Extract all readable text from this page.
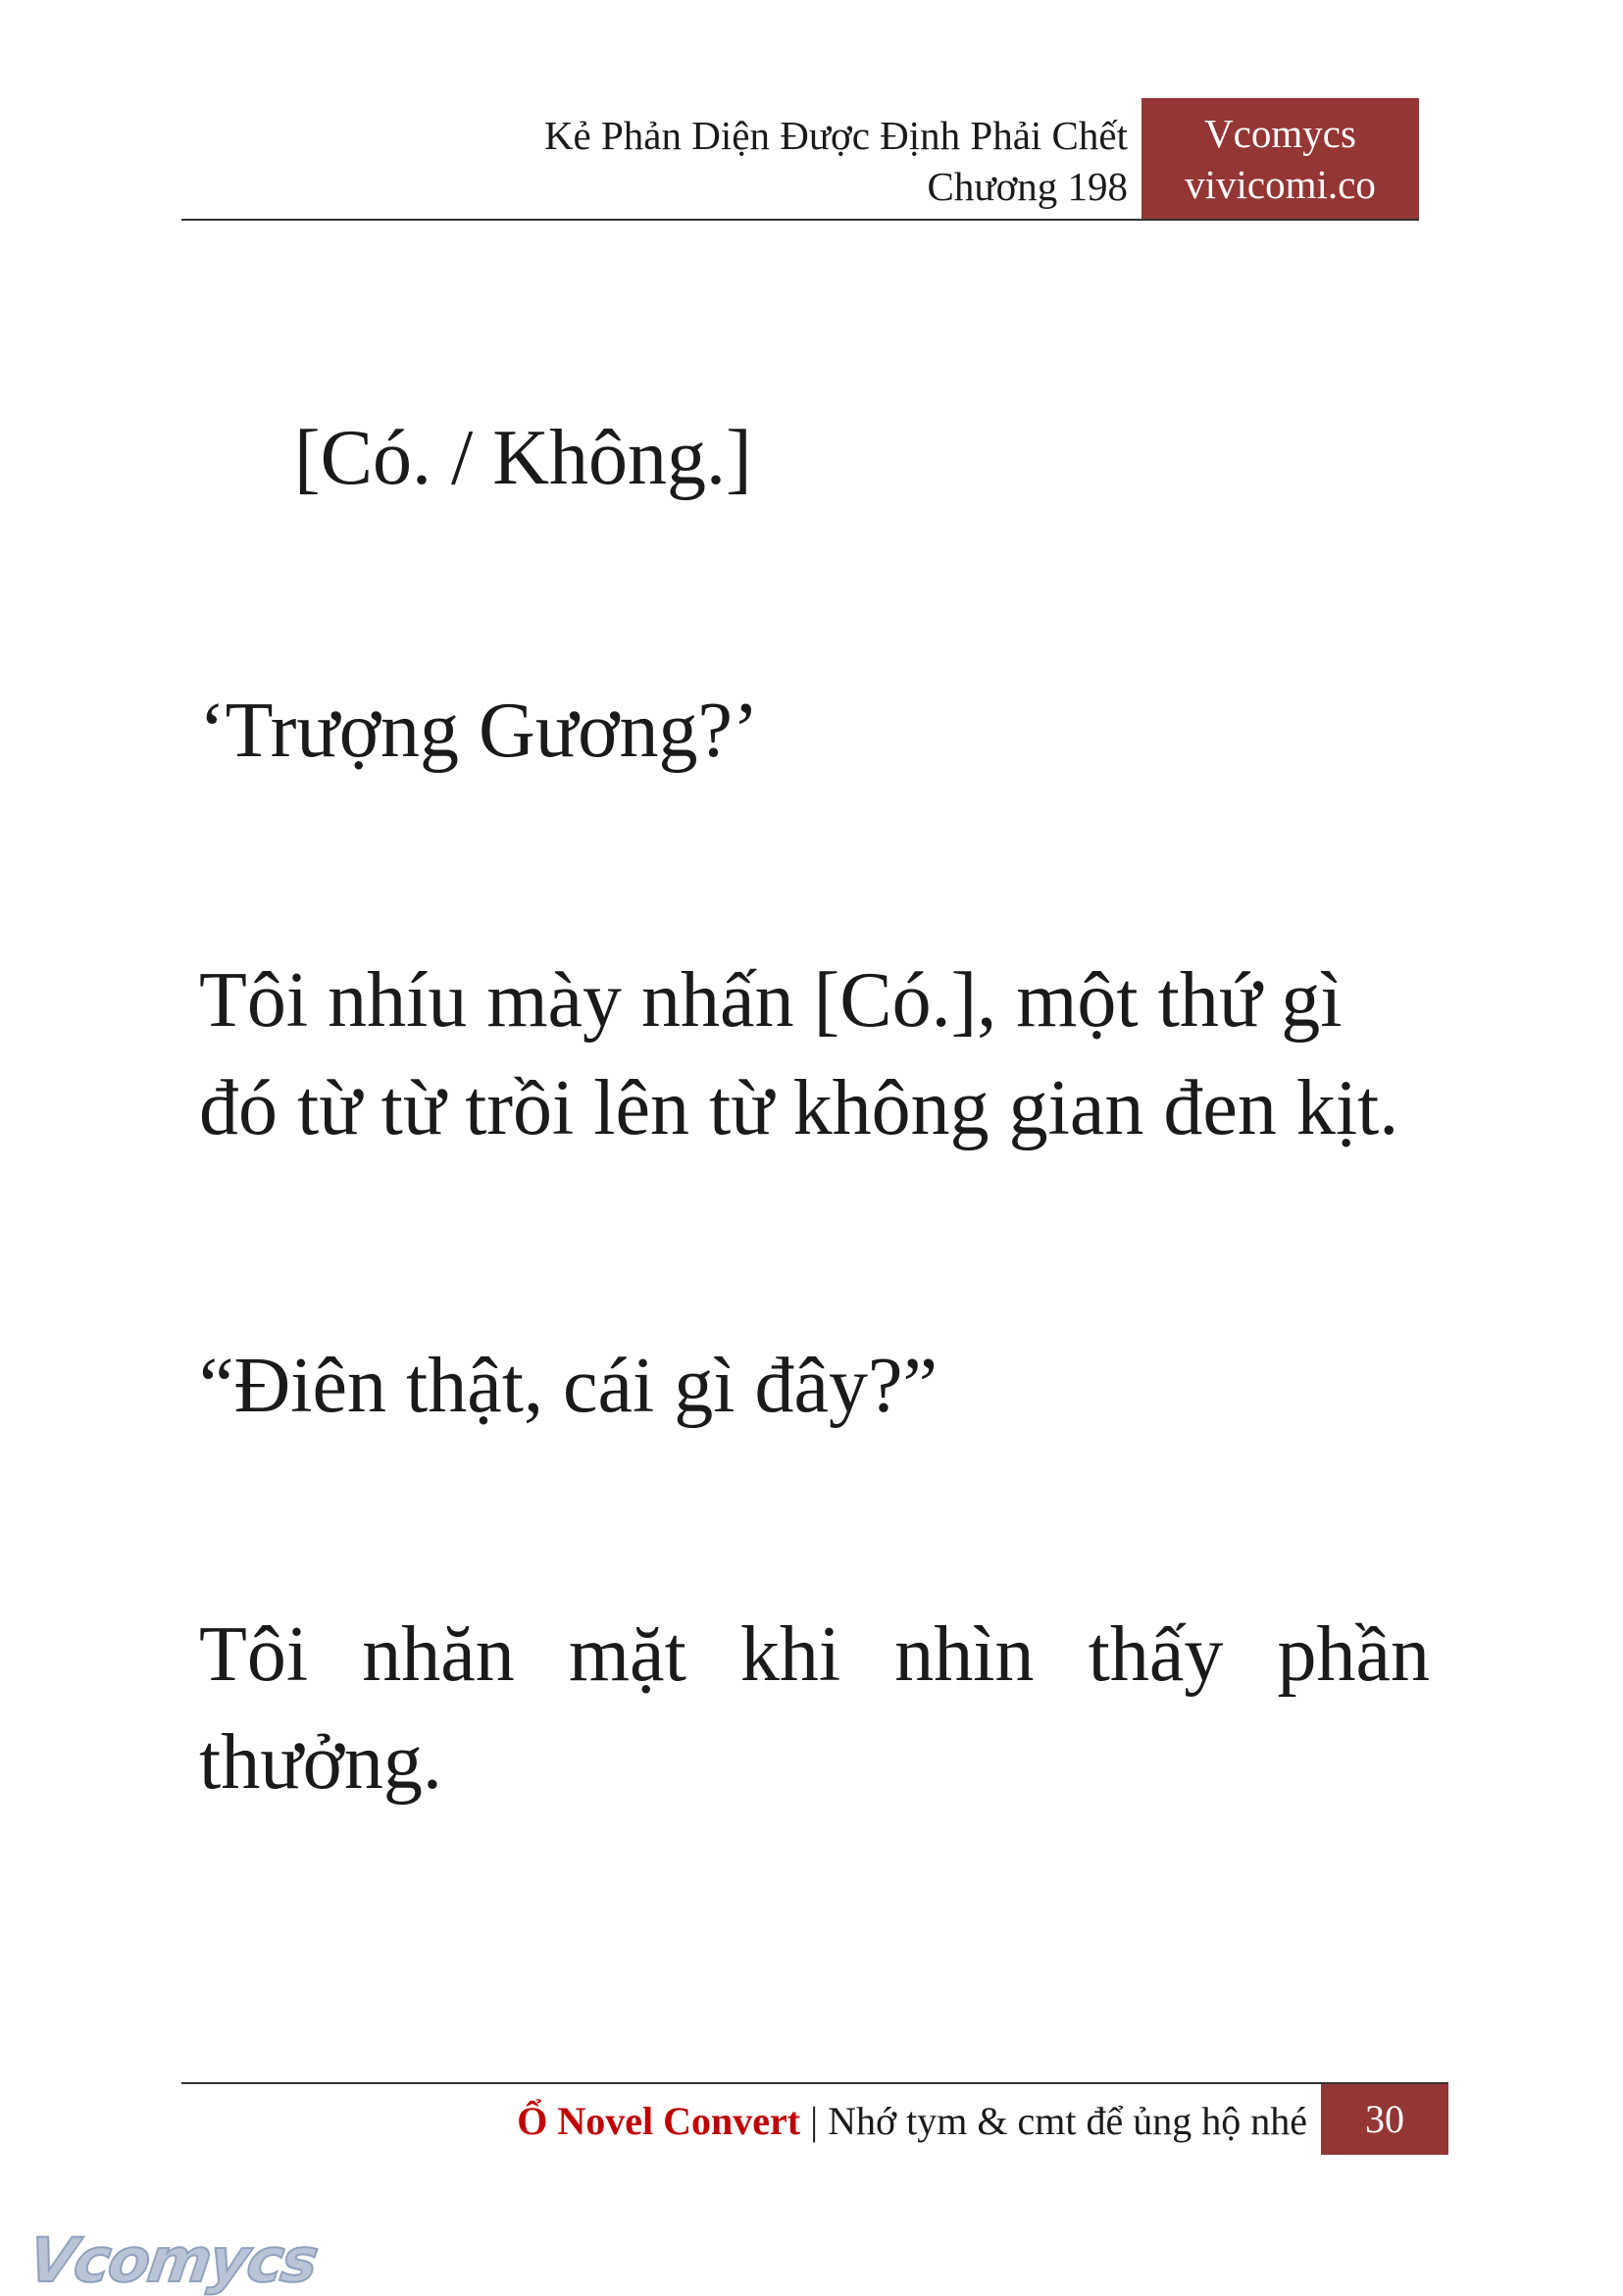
Kẻ Phản Diện Được Định Phải Chết
Chương 198
Vcomycs
vivicomi.co

[Có. / Không.]

‘Trượng Gương?’

Tôi nhíu mày nhấn [Có.], một thứ gì
đó từ từ trồi lên từ không gian đen kịt.

“Điên thật, cái gì đây?”

Tôi nhăn mặt khi nhìn thấy phần
thưởng.

Ổ Novel Convert | Nhớ tym & cmt để ủng hộ nhé	30
Vcomycs
